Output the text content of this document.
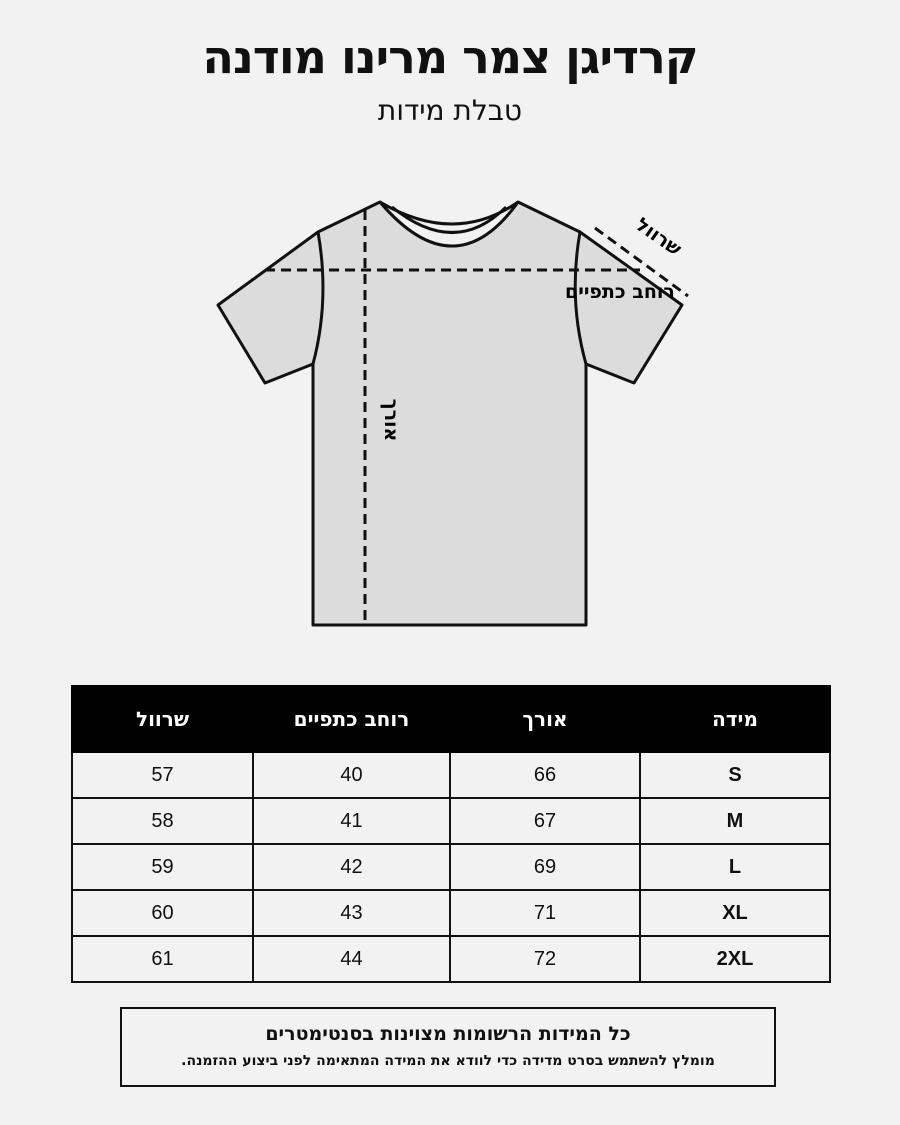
קרדיגן צמר מרינו מודנה
טבלת מידות
רוחב כתפיים
שרוול
אורך
מידה	אורך	רוחב כתפיים	שרוול
S	66	40	57
M	67	41	58
L	69	42	59
XL	71	43	60
2XL	72	44	61
כל המידות הרשומות מצוינות בסנטימטרים
מומלץ להשתמש בסרט מדידה כדי לוודא את המידה המתאימה לפני ביצוע ההזמנה.
